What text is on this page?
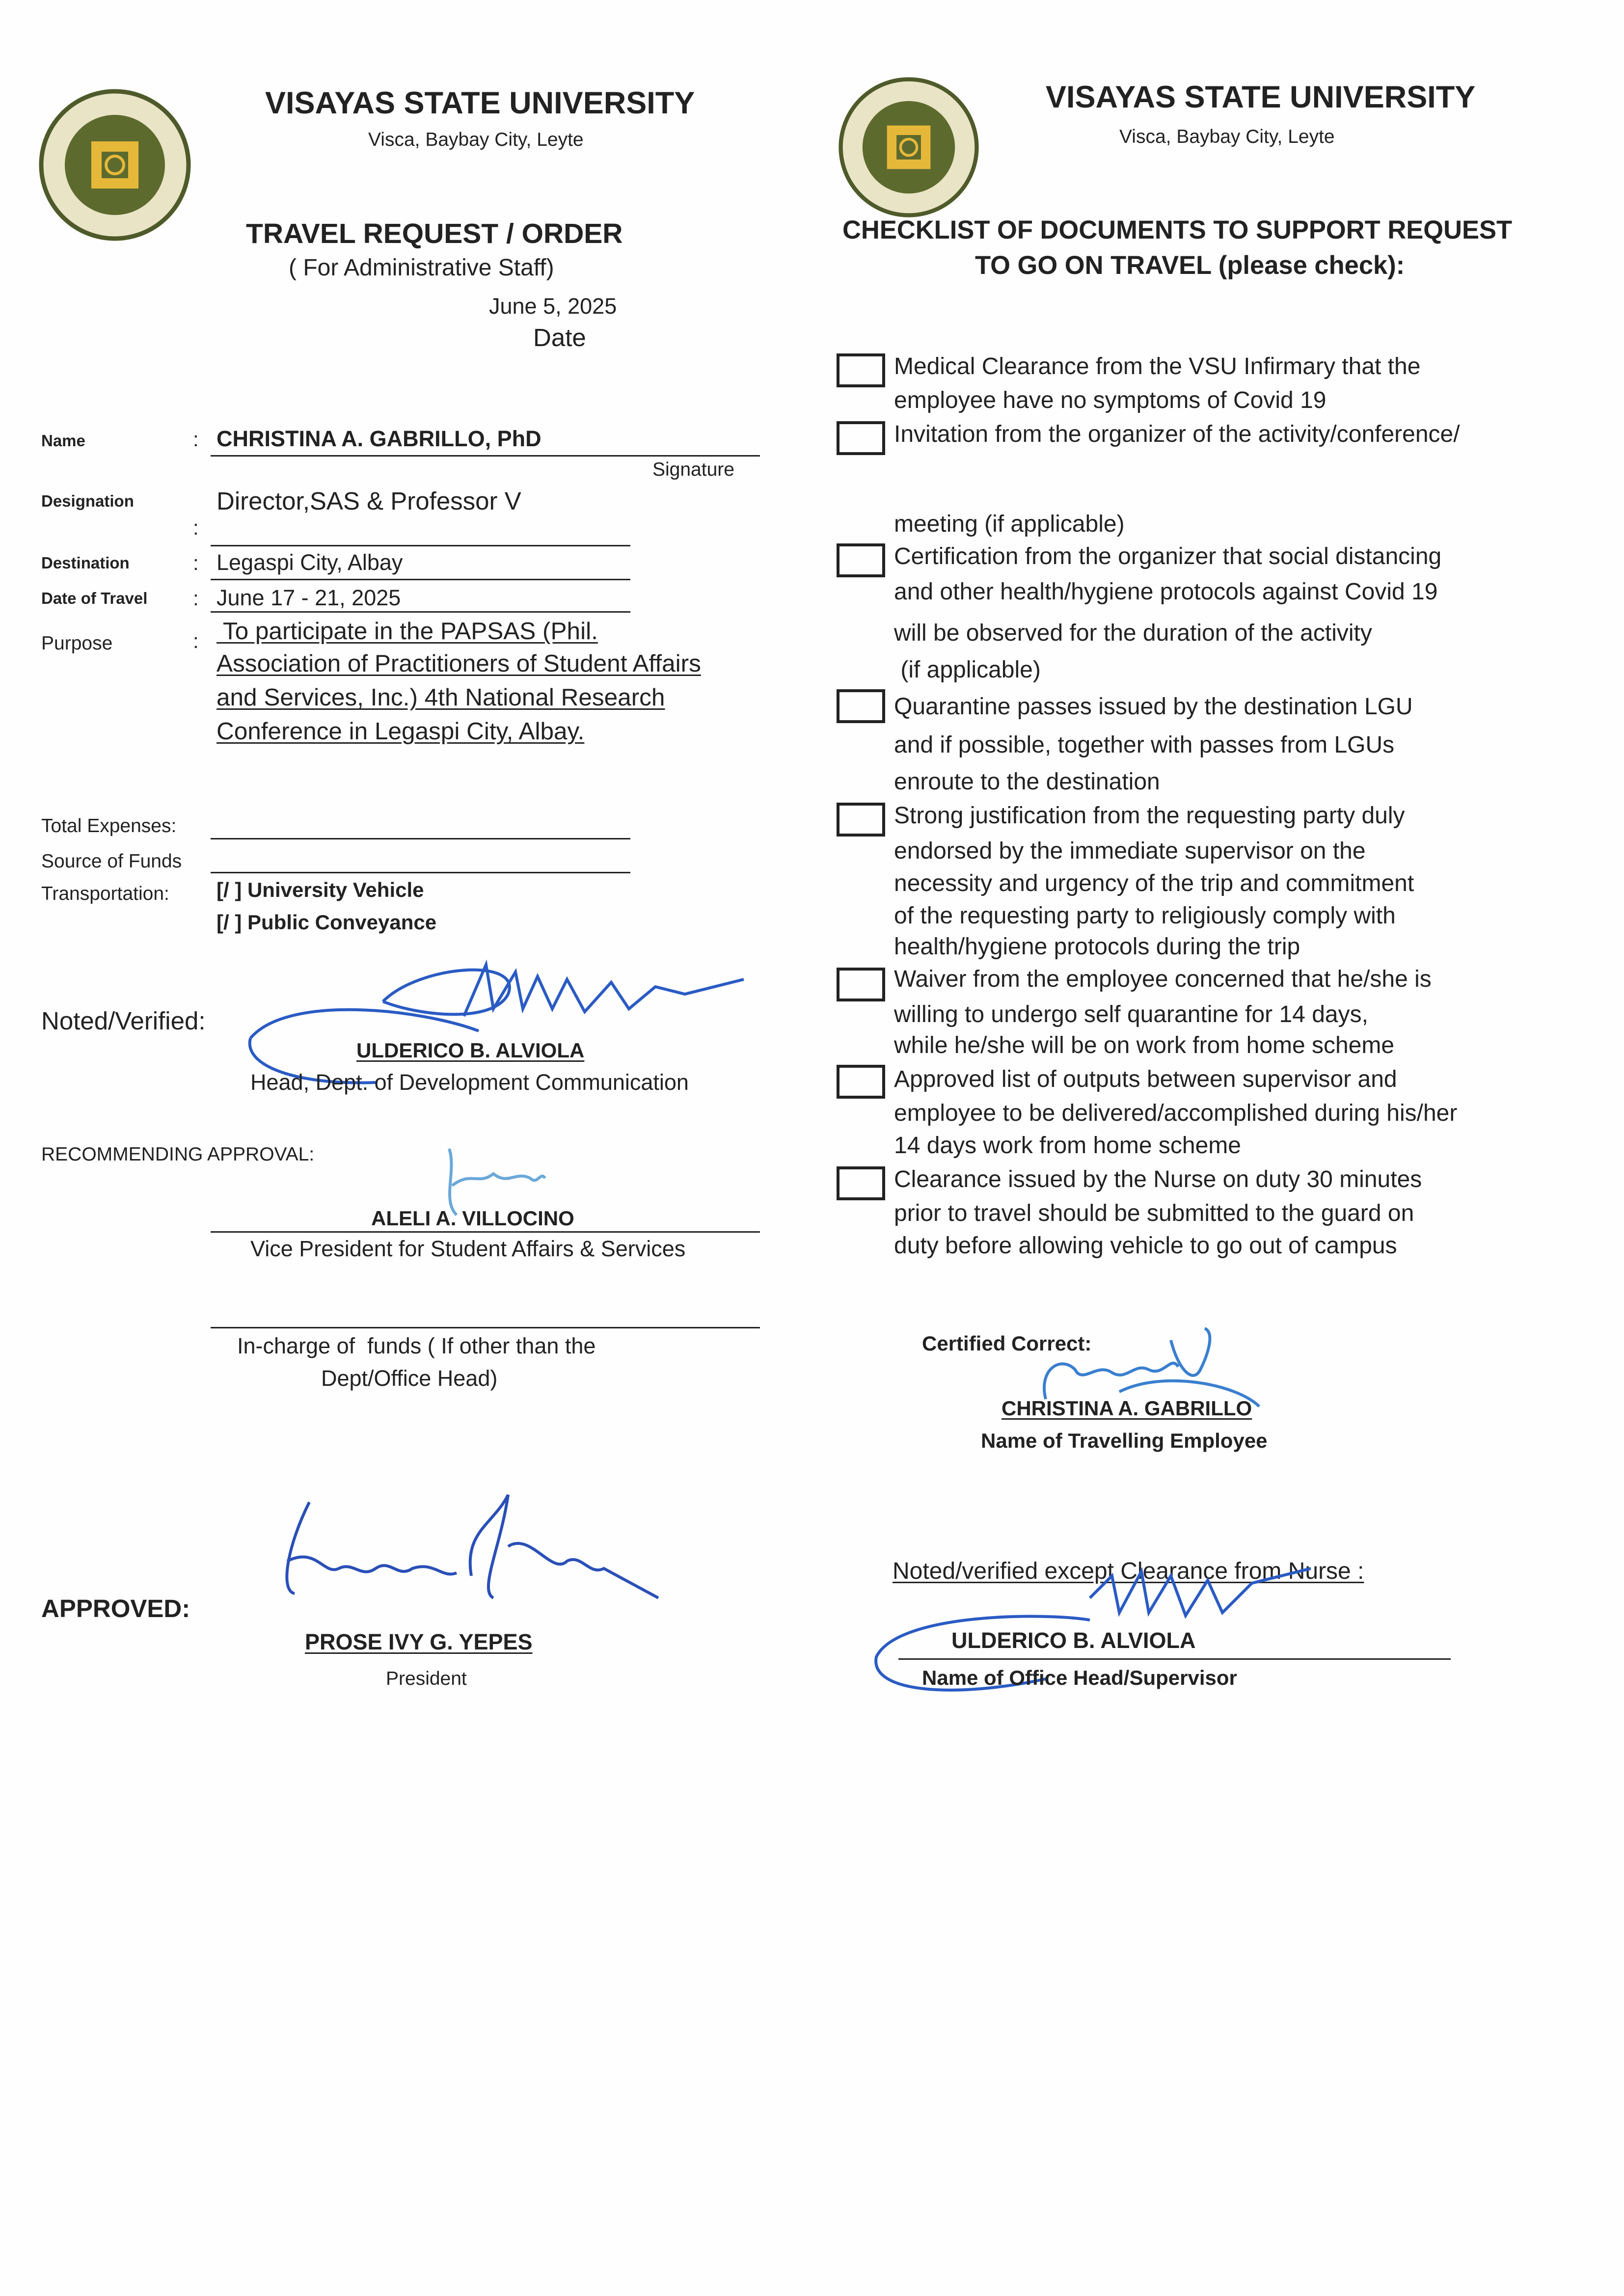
VISAYAS STATE UNIVERSITY
Visca, Baybay City, Leyte
TRAVEL REQUEST / ORDER
( For Administrative Staff)
June 5, 2025
Date
Name	: CHRISTINA A. GABRILLO, PhD
Signature
Designation	Director,SAS & Professor V
:
Destination	: Legaspi City, Albay
Date of Travel	: June 17 - 21, 2025
Purpose	: To participate in the PAPSAS (Phil.
Association of Practitioners of Student Affairs
and Services, Inc.) 4th National Research
Conference in Legaspi City, Albay.
Total Expenses:
Source of Funds
Transportation:	[/ ] University Vehicle
[/ ] Public Conveyance
Noted/Verified:
ULDERICO B. ALVIOLA
Head, Dept. of Development Communication
RECOMMENDING APPROVAL:
ALELI A. VILLOCINO
Vice President for Student Affairs & Services
In-charge of  funds ( If other than the
Dept/Office Head)
APPROVED:
PROSE IVY G. YEPES
President
VISAYAS STATE UNIVERSITY
Visca, Baybay City, Leyte
CHECKLIST OF DOCUMENTS TO SUPPORT REQUEST
TO GO ON TRAVEL (please check):
Medical Clearance from the VSU Infirmary that the
employee have no symptoms of Covid 19
Invitation from the organizer of the activity/conference/
meeting (if applicable)
Certification from the organizer that social distancing
and other health/hygiene protocols against Covid 19
will be observed for the duration of the activity
(if applicable)
Quarantine passes issued by the destination LGU
and if possible, together with passes from LGUs
enroute to the destination
Strong justification from the requesting party duly
endorsed by the immediate supervisor on the
necessity and urgency of the trip and commitment
of the requesting party to religiously comply with
health/hygiene protocols during the trip
Waiver from the employee concerned that he/she is
willing to undergo self quarantine for 14 days,
while he/she will be on work from home scheme
Approved list of outputs between supervisor and
employee to be delivered/accomplished during his/her
14 days work from home scheme
Clearance issued by the Nurse on duty 30 minutes
prior to travel should be submitted to the guard on
duty before allowing vehicle to go out of campus
Certified Correct:
CHRISTINA A. GABRILLO
Name of Travelling Employee
Noted/verified except Clearance from Nurse :
ULDERICO B. ALVIOLA
Name of Office Head/Supervisor
